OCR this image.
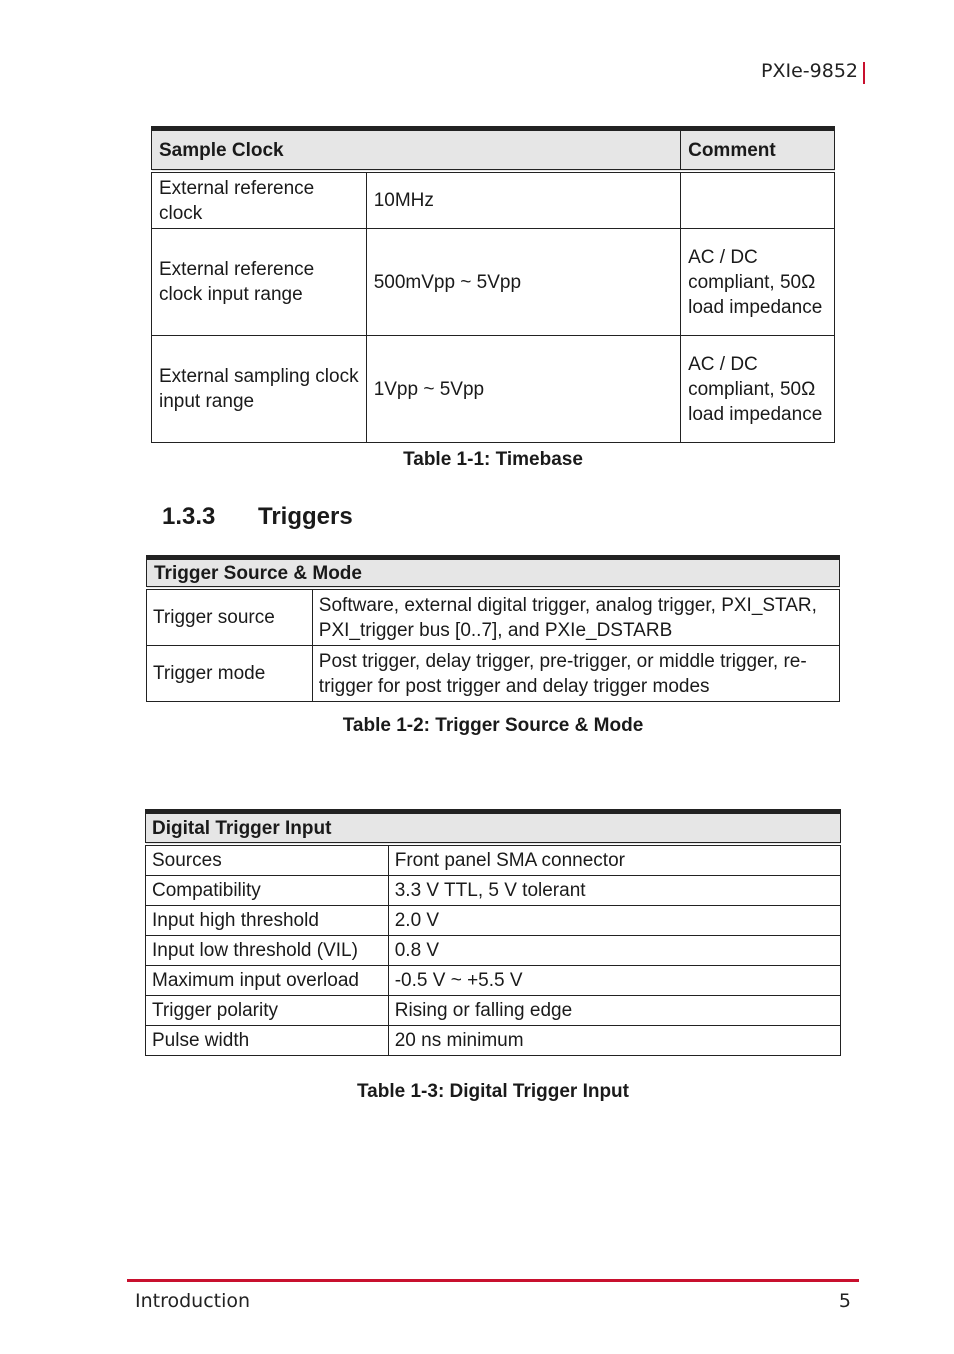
PXIe-9852
Sample Clock		Comment
External reference clock	10MHz	
External reference clock input range	500mVpp ~ 5Vpp	AC / DC compliant, 50Ω load impedance
External sampling clock input range	1Vpp ~ 5Vpp	AC / DC compliant, 50Ω load impedance
Table 1-1: Timebase
1.3.3 Triggers
Trigger Source & Mode	
Trigger source	Software, external digital trigger, analog trigger, PXI_STAR, PXI_trigger bus [0..7], and PXIe_DSTARB
Trigger mode	Post trigger, delay trigger, pre-trigger, or middle trigger, re-trigger for post trigger and delay trigger modes
Table 1-2: Trigger Source & Mode
Digital Trigger Input	
Sources	Front panel SMA connector
Compatibility	3.3 V TTL, 5 V tolerant
Input high threshold	2.0 V
Input low threshold (VIL)	0.8 V
Maximum input overload	-0.5 V ~ +5.5 V
Trigger polarity	Rising or falling edge
Pulse width	20 ns minimum
Table 1-3: Digital Trigger Input
Introduction	5
